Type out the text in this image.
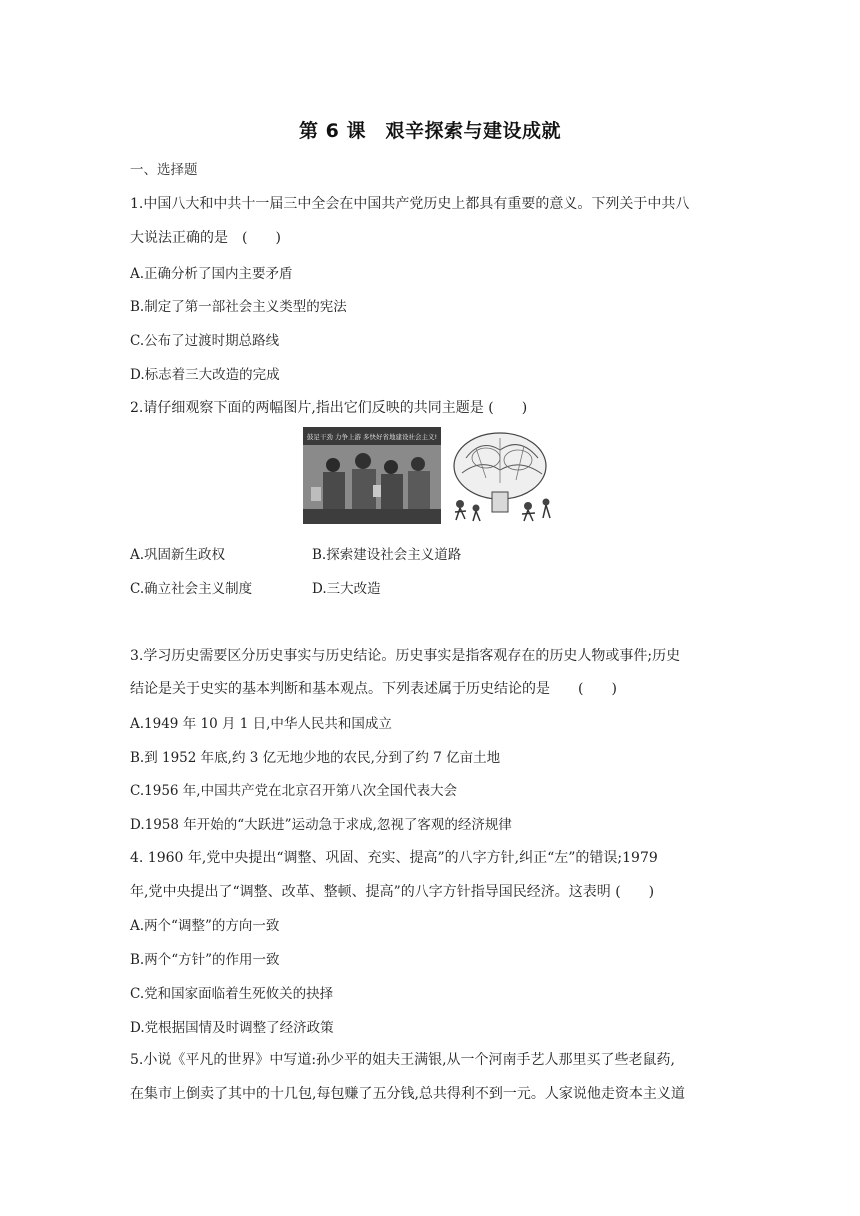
第 6 课　艰辛探索与建设成就
一、选择题
1.中国八大和中共十一届三中全会在中国共产党历史上都具有重要的意义。下列关于中共八
大说法正确的是　(　　)
A.正确分析了国内主要矛盾
B.制定了第一部社会主义类型的宪法
C.公布了过渡时期总路线
D.标志着三大改造的完成
2.请仔细观察下面的两幅图片,指出它们反映的共同主题是 (　　)
鼓足干劲 力争上游 多快好省地建设社会主义!
A.巩固新生政权	B.探索建设社会主义道路
C.确立社会主义制度	D.三大改造
3.学习历史需要区分历史事实与历史结论。历史事实是指客观存在的历史人物或事件;历史
结论是关于史实的基本判断和基本观点。下列表述属于历史结论的是　　(　　)
A.1949 年 10 月 1 日,中华人民共和国成立
B.到 1952 年底,约 3 亿无地少地的农民,分到了约 7 亿亩土地
C.1956 年,中国共产党在北京召开第八次全国代表大会
D.1958 年开始的“大跃进”运动急于求成,忽视了客观的经济规律
4. 1960 年,党中央提出“调整、巩固、充实、提高”的八字方针,纠正“左”的错误;1979
年,党中央提出了“调整、改革、整顿、提高”的八字方针指导国民经济。这表明 (　　)
A.两个“调整”的方向一致
B.两个“方针”的作用一致
C.党和国家面临着生死攸关的抉择
D.党根据国情及时调整了经济政策
5.小说《平凡的世界》中写道:孙少平的姐夫王满银,从一个河南手艺人那里买了些老鼠药,
在集市上倒卖了其中的十几包,每包赚了五分钱,总共得利不到一元。人家说他走资本主义道
